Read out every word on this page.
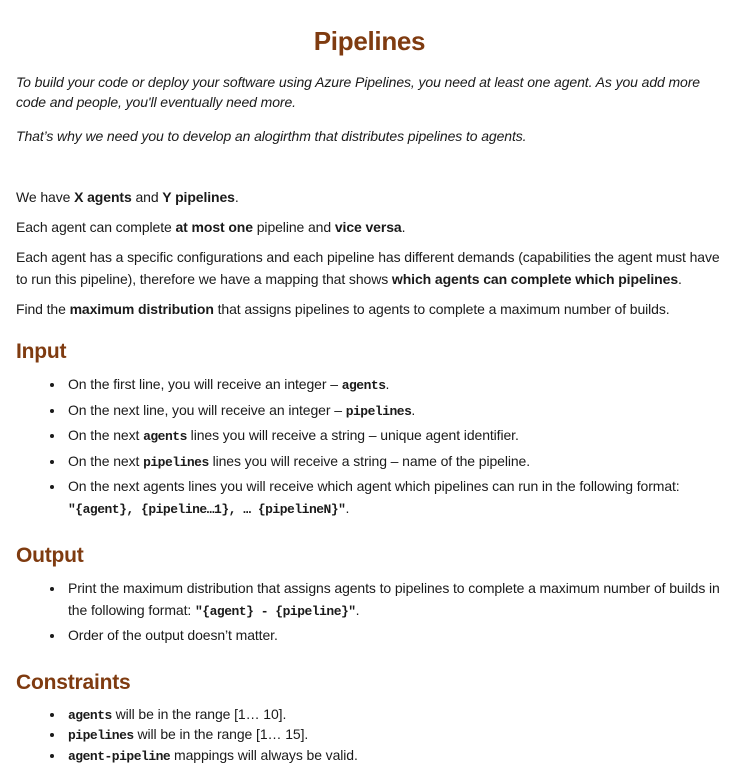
Pipelines

To build your code or deploy your software using Azure Pipelines, you need at least one agent. As you add more code and people, you'll eventually need more.

That’s why we need you to develop an alogirthm that distributes pipelines to agents.

We have X agents and Y pipelines.

Each agent can complete at most one pipeline and vice versa.

Each agent has a specific configurations and each pipeline has different demands (capabilities the agent must have to run this pipeline), therefore we have a mapping that shows which agents can complete which pipelines.

Find the maximum distribution that assigns pipelines to agents to complete a maximum number of builds.

Input
• On the first line, you will receive an integer – agents.
• On the next line, you will receive an integer – pipelines.
• On the next agents lines you will receive a string – unique agent identifier.
• On the next pipelines lines you will receive a string – name of the pipeline.
• On the next agents lines you will receive which agent which pipelines can run in the following format:
"{agent}, {pipeline…1}, … {pipelineN}".
Output
• Print the maximum distribution that assigns agents to pipelines to complete a maximum number of builds in the following format: "{agent} - {pipeline}".
• Order of the output doesn’t matter.
Constraints
• agents will be in the range [1… 10].
• pipelines will be in the range [1… 15].
• agent-pipeline mappings will always be valid.
